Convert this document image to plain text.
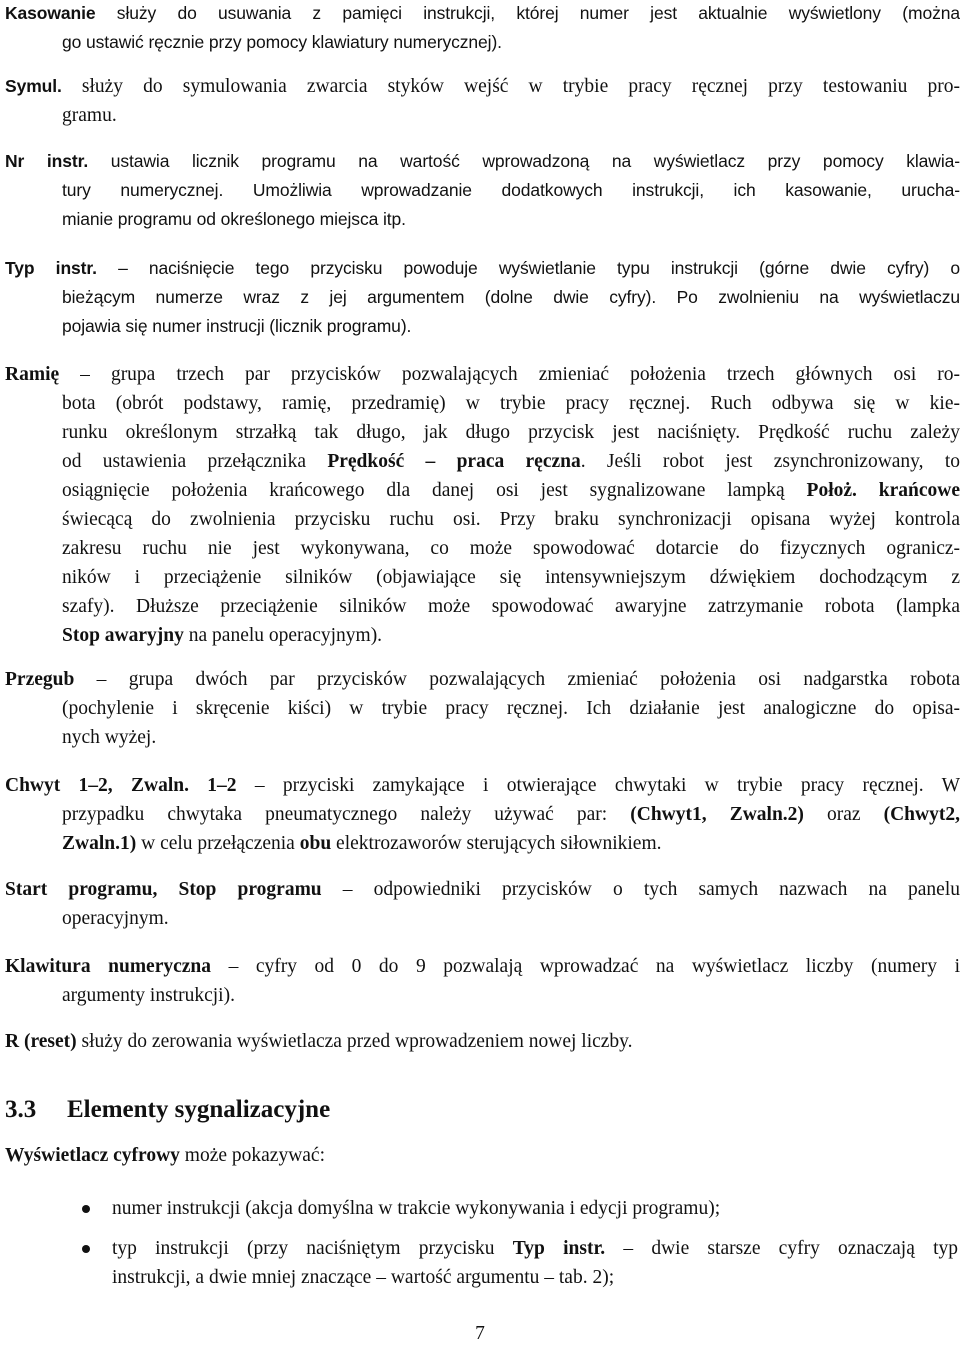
Kasowanie służy do usuwania z pamięci instrukcji, której numer jest aktualnie wyświetlony (można
go ustawić ręcznie przy pomocy klawiatury numerycznej).
Symul. służy do symulowania zwarcia styków wejść w trybie pracy ręcznej przy testowaniu pro-
gramu.
Nr instr. ustawia licznik programu na wartość wprowadzoną na wyświetlacz przy pomocy klawia-
tury numerycznej. Umożliwia wprowadzanie dodatkowych instrukcji, ich kasowanie, urucha-
mianie programu od określonego miejsca itp.
Typ instr. – naciśnięcie tego przycisku powoduje wyświetlanie typu instrukcji (górne dwie cyfry) o
bieżącym numerze wraz z jej argumentem (dolne dwie cyfry). Po zwolnieniu na wyświetlaczu
pojawia się numer instrucji (licznik programu).
Ramię – grupa trzech par przycisków pozwalających zmieniać położenia trzech głównych osi ro-
bota (obrót podstawy, ramię, przedramię) w trybie pracy ręcznej. Ruch odbywa się w kie-
runku określonym strzałką tak długo, jak długo przycisk jest naciśnięty. Prędkość ruchu zależy
od ustawienia przełącznika Prędkość – praca ręczna. Jeśli robot jest zsynchronizowany, to
osiągnięcie położenia krańcowego dla danej osi jest sygnalizowane lampką Położ. krańcowe
świecącą do zwolnienia przycisku ruchu osi. Przy braku synchronizacji opisana wyżej kontrola
zakresu ruchu nie jest wykonywana, co może spowodować dotarcie do fizycznych ogranicz-
ników i przeciążenie silników (objawiające się intensywniejszym dźwiękiem dochodzącym z
szafy). Dłuższe przeciążenie silników może spowodować awaryjne zatrzymanie robota (lampka
Stop awaryjny na panelu operacyjnym).
Przegub – grupa dwóch par przycisków pozwalających zmieniać położenia osi nadgarstka robota
(pochylenie i skręcenie kiści) w trybie pracy ręcznej. Ich działanie jest analogiczne do opisa-
nych wyżej.
Chwyt 1–2, Zwaln. 1–2 – przyciski zamykające i otwierające chwytaki w trybie pracy ręcznej. W
przypadku chwytaka pneumatycznego należy używać par: (Chwyt1, Zwaln.2) oraz (Chwyt2,
Zwaln.1) w celu przełączenia obu elektrozaworów sterujących siłownikiem.
Start programu, Stop programu – odpowiedniki przycisków o tych samych nazwach na panelu
operacyjnym.
Klawitura numeryczna – cyfry od 0 do 9 pozwalają wprowadzać na wyświetlacz liczby (numery i
argumenty instrukcji).
R (reset) służy do zerowania wyświetlacza przed wprowadzeniem nowej liczby.
3.3 Elementy sygnalizacyjne
Wyświetlacz cyfrowy może pokazywać:
numer instrukcji (akcja domyślna w trakcie wykonywania i edycji programu);
typ instrukcji (przy naciśniętym przycisku Typ instr. – dwie starsze cyfry oznaczają typ
instrukcji, a dwie mniej znaczące – wartość argumentu – tab. 2);
7
